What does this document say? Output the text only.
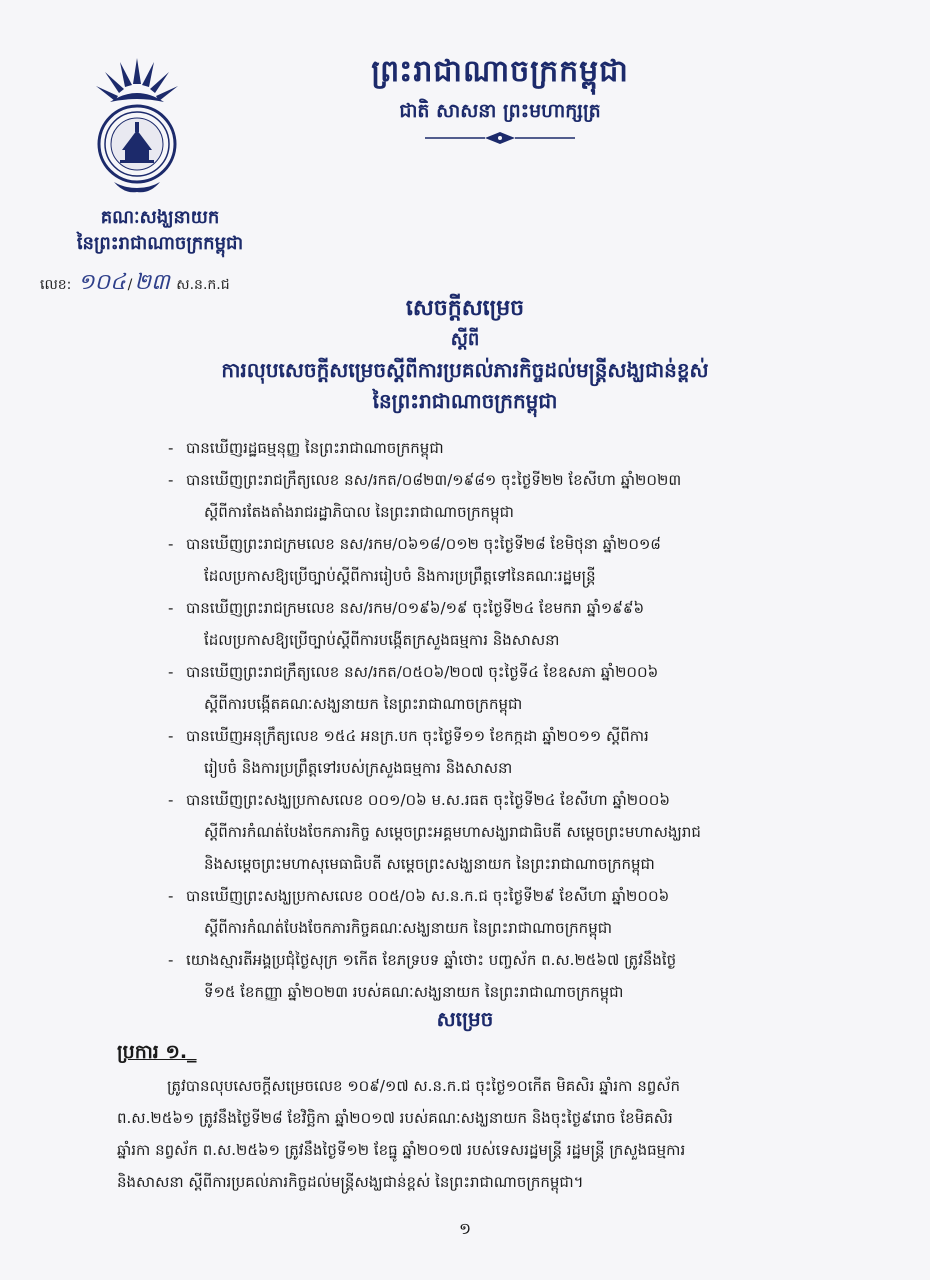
ព្រះរាជាណាចក្រកម្ពុជា
ជាតិ សាសនា ព្រះមហាក្សត្រ
គណៈសង្ឃនាយក
នៃព្រះរាជាណាចក្រកម្ពុជា
លេខ: ១០៤ /២៣ ស.ន.ក.ជ
សេចក្ដីសម្រេច
ស្ដីពី
ការលុបសេចក្ដីសម្រេចស្ដីពីការប្រគល់ភារកិច្ចដល់មន្ត្រីសង្ឃជាន់ខ្ពស់
នៃព្រះរាជាណាចក្រកម្ពុជា
- បានឃើញរដ្ឋធម្មនុញ្ញ នៃព្រះរាជាណាចក្រកម្ពុជា
- បានឃើញព្រះរាជក្រឹត្យលេខ នស/រកត/០៨២៣/១៩៨១ ចុះថ្ងៃទី២២ ខែសីហា ឆ្នាំ២០២៣
ស្ដីពីការតែងតាំងរាជរដ្ឋាភិបាល នៃព្រះរាជាណាចក្រកម្ពុជា
- បានឃើញព្រះរាជក្រមលេខ នស/រកម/០៦១៨/០១២ ចុះថ្ងៃទី២៨ ខែមិថុនា ឆ្នាំ២០១៨
ដែលប្រកាសឱ្យប្រើច្បាប់ស្ដីពីការរៀបចំ និងការប្រព្រឹត្តទៅនៃគណៈរដ្ឋមន្ត្រី
- បានឃើញព្រះរាជក្រមលេខ នស/រកម/០១៩៦/១៩ ចុះថ្ងៃទី២៤ ខែមករា ឆ្នាំ១៩៩៦
ដែលប្រកាសឱ្យប្រើច្បាប់ស្ដីពីការបង្កើតក្រសួងធម្មការ និងសាសនា
- បានឃើញព្រះរាជក្រឹត្យលេខ នស/រកត/០៥០៦/២០៧ ចុះថ្ងៃទី៤ ខែឧសភា ឆ្នាំ២០០៦
ស្ដីពីការបង្កើតគណៈសង្ឃនាយក នៃព្រះរាជាណាចក្រកម្ពុជា
- បានឃើញអនុក្រឹត្យលេខ ១៥៤ អនក្រ.បក ចុះថ្ងៃទី១១ ខែកក្កដា ឆ្នាំ២០១១ ស្ដីពីការ
រៀបចំ និងការប្រព្រឹត្តទៅរបស់ក្រសួងធម្មការ និងសាសនា
- បានឃើញព្រះសង្ឃប្រកាសលេខ ០០១/០៦ ម.ស.រធត ចុះថ្ងៃទី២៤ ខែសីហា ឆ្នាំ២០០៦
ស្ដីពីការកំណត់បែងចែកភារកិច្ច សម្ដេចព្រះអគ្គមហាសង្ឃរាជាធិបតី សម្ដេចព្រះមហាសង្ឃរាជ
និងសម្ដេចព្រះមហាសុមេធាធិបតី សម្ដេចព្រះសង្ឃនាយក នៃព្រះរាជាណាចក្រកម្ពុជា
- បានឃើញព្រះសង្ឃប្រកាសលេខ ០០៥/០៦ ស.ន.ក.ជ ចុះថ្ងៃទី២៩ ខែសីហា ឆ្នាំ២០០៦
ស្ដីពីការកំណត់បែងចែកភារកិច្ចគណៈសង្ឃនាយក នៃព្រះរាជាណាចក្រកម្ពុជា
- យោងស្មារតីអង្គប្រជុំថ្ងៃសុក្រ ១កើត ខែភទ្របទ ឆ្នាំថោះ បញ្ចស័ក ព.ស.២៥៦៧ ត្រូវនឹងថ្ងៃ
ទី១៥ ខែកញ្ញា ឆ្នាំ២០២៣ របស់គណៈសង្ឃនាយក នៃព្រះរាជាណាចក្រកម្ពុជា
សម្រេច
ប្រការ ១._
ត្រូវបានលុបសេចក្ដីសម្រេចលេខ ១០៩/១៧ ស.ន.ក.ជ ចុះថ្ងៃ១០កើត មិគសិរ ឆ្នាំរកា នព្វស័ក
ព.ស.២៥៦១ ត្រូវនឹងថ្ងៃទី២៨ ខែវិច្ឆិកា ឆ្នាំ២០១៧ របស់គណៈសង្ឃនាយក និងចុះថ្ងៃ៩រោច ខែមិគសិរ
ឆ្នាំរកា នព្វស័ក ព.ស.២៥៦១ ត្រូវនឹងថ្ងៃទី១២ ខែធ្នូ ឆ្នាំ២០១៧ របស់ទេសរដ្ឋមន្ត្រី រដ្ឋមន្ត្រី ក្រសួងធម្មការ
និងសាសនា ស្ដីពីការប្រគល់ភារកិច្ចដល់មន្ត្រីសង្ឃជាន់ខ្ពស់ នៃព្រះរាជាណាចក្រកម្ពុជា។
១
